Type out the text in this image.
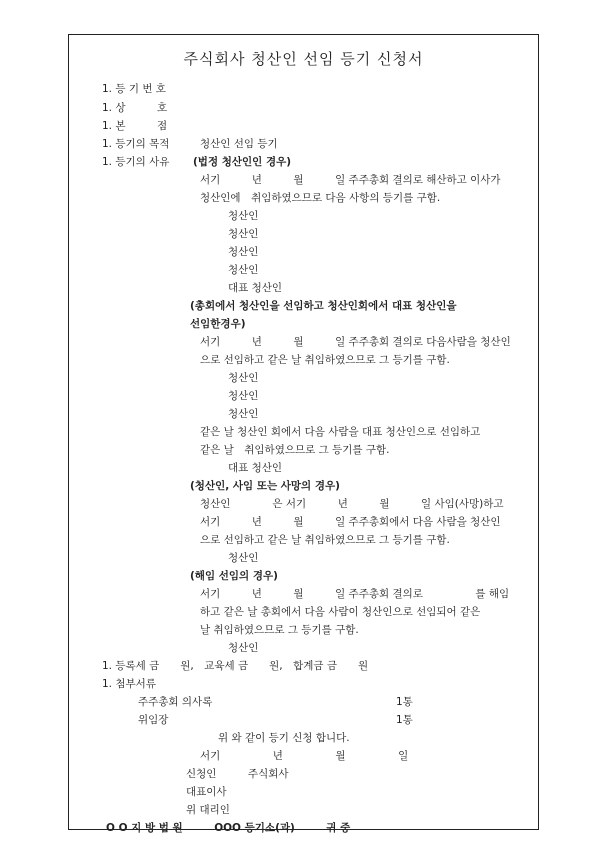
주식회사 청산인 선임 등기 신청서
1. 등 기 번 호
1. 상　　　호
1. 본　　　점
1. 등기의 목적	청산인 선임 등기
1. 등기의 사유 (법정 청산인인 경우)
서기　　　년　　　월　　　일 주주총회 결의로 해산하고 이사가
청산인에　취임하였으므로 다음 사항의 등기를 구함.
청산인
청산인
청산인
청산인
대표 청산인
(총회에서 청산인을 선임하고 청산인회에서 대표 청산인을
선임한경우)
서기　　　년　　　월　　　일 주주총회 결의로 다음사람을 청산인
으로 선임하고 같은 날 취임하였으므로 그 등기를 구함.
청산인
청산인
청산인
같은 날 청산인 회에서 다음 사람을 대표 청산인으로 선임하고
같은 날　취임하였으므로 그 등기를 구함.
대표 청산인
(청산인, 사임 또는 사망의 경우)
청산인　　　　은 서기　　　년　　　월　　　일 사임(사망)하고
서기　　　년　　　월　　　일 주주총회에서 다음 사람을 청산인
으로 선임하고 같은 날 취임하였으므로 그 등기를 구함.
청산인
(해임 선임의 경우)
서기　　　년　　　월　　　일 주주총회 결의로　　　　　를 해임
하고 같은 날 총회에서 다음 사람이 청산인으로 선임되어 같은
날 취임하였으므로 그 등기를 구함.
청산인
1. 등록세 금　　원,　교육세 금　　원,　합계금 금　　원
1. 첨부서류
주주총회 의사록	1통
위임장	1통
위 와 같이 등기 신청 합니다.
서기　　　　　년　　　　　월　　　　　일
신청인　　　주식회사
대표이사
위 대리인
O O 지 방 법 원　　　OOO 등기소(과)　　　귀 중
